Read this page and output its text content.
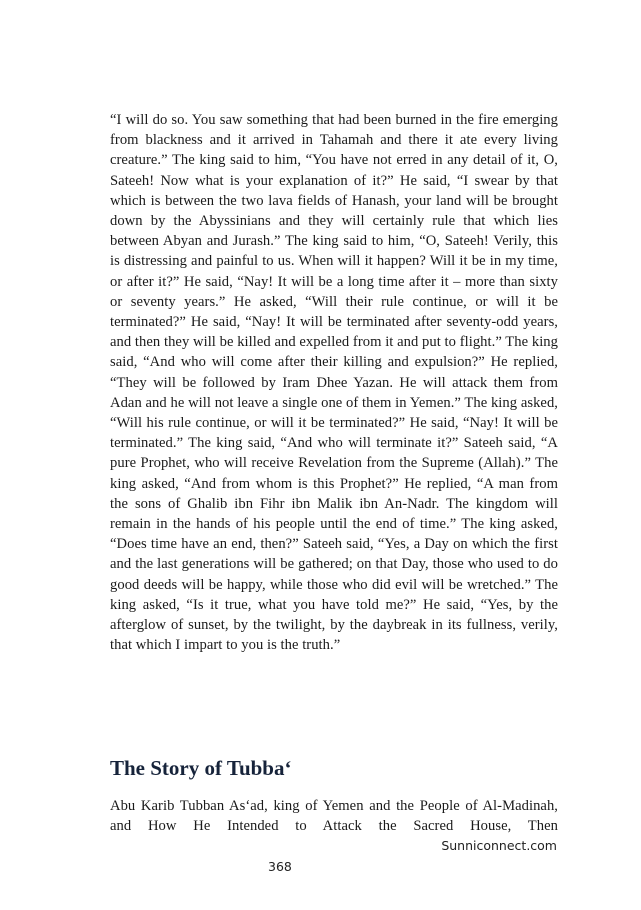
“I will do so. You saw something that had been burned in the fire emerging from blackness and it arrived in Tahamah and there it ate every living creature.” The king said to him, “You have not erred in any detail of it, O, Sateeh! Now what is your explanation of it?” He said, “I swear by that which is between the two lava fields of Hanash, your land will be brought down by the Abyssinians and they will certainly rule that which lies between Abyan and Jurash.” The king said to him, “O, Sateeh! Verily, this is distressing and painful to us. When will it happen? Will it be in my time, or after it?” He said, “Nay! It will be a long time after it – more than sixty or seventy years.” He asked, “Will their rule continue, or will it be terminated?” He said, “Nay! It will be terminated after seventy-odd years, and then they will be killed and expelled from it and put to flight.” The king said, “And who will come after their killing and expulsion?” He replied, “They will be followed by Iram Dhee Yazan. He will attack them from Adan and he will not leave a single one of them in Yemen.” The king asked, “Will his rule continue, or will it be terminated?” He said, “Nay! It will be terminated.” The king said, “And who will terminate it?” Sateeh said, “A pure Prophet, who will receive Revelation from the Supreme (Allah).” The king asked, “And from whom is this Prophet?” He replied, “A man from the sons of Ghalib ibn Fihr ibn Malik ibn An-Nadr. The kingdom will remain in the hands of his people until the end of time.” The king asked, “Does time have an end, then?” Sateeh said, “Yes, a Day on which the first and the last generations will be gathered; on that Day, those who used to do good deeds will be happy, while those who did evil will be wretched.” The king asked, “Is it true, what you have told me?” He said, “Yes, by the afterglow of sunset, by the twilight, by the daybreak in its fullness, verily, that which I impart to you is the truth.”

The Story of Tubba‘

Abu Karib Tubban As‘ad, king of Yemen and the People of Al-Madinah, and How He Intended to Attack the Sacred House, Then

Sunniconnect.com
368
